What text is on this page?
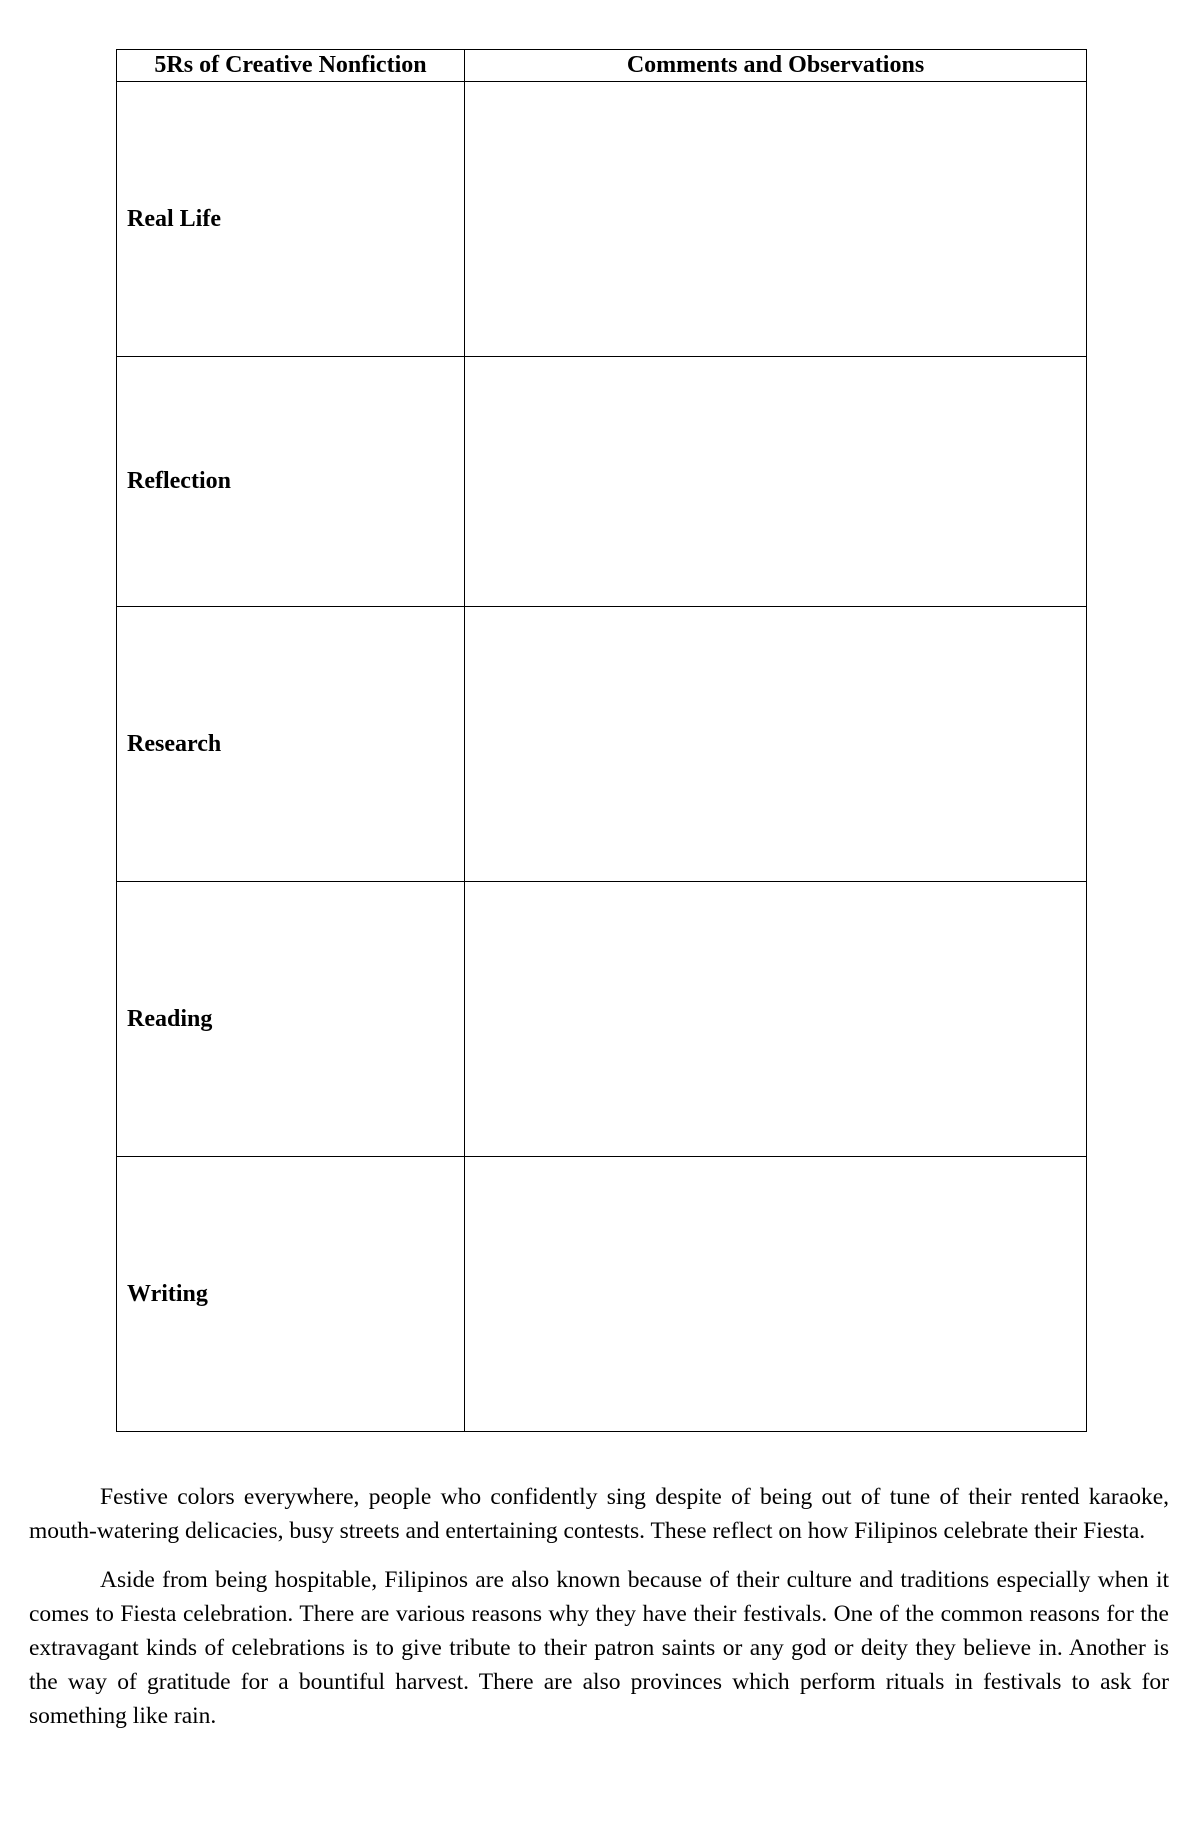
5Rs of Creative Nonfiction	Comments and Observations
Real Life	
Reflection	
Research	
Reading	
Writing	

Festive colors everywhere, people who confidently sing despite of being out of tune of their rented karaoke, mouth-watering delicacies, busy streets and entertaining contests. These reflect on how Filipinos celebrate their Fiesta.

Aside from being hospitable, Filipinos are also known because of their culture and traditions especially when it comes to Fiesta celebration. There are various reasons why they have their festivals. One of the common reasons for the extravagant kinds of celebrations is to give tribute to their patron saints or any god or deity they believe in. Another is the way of gratitude for a bountiful harvest. There are also provinces which perform rituals in festivals to ask for something like rain.
